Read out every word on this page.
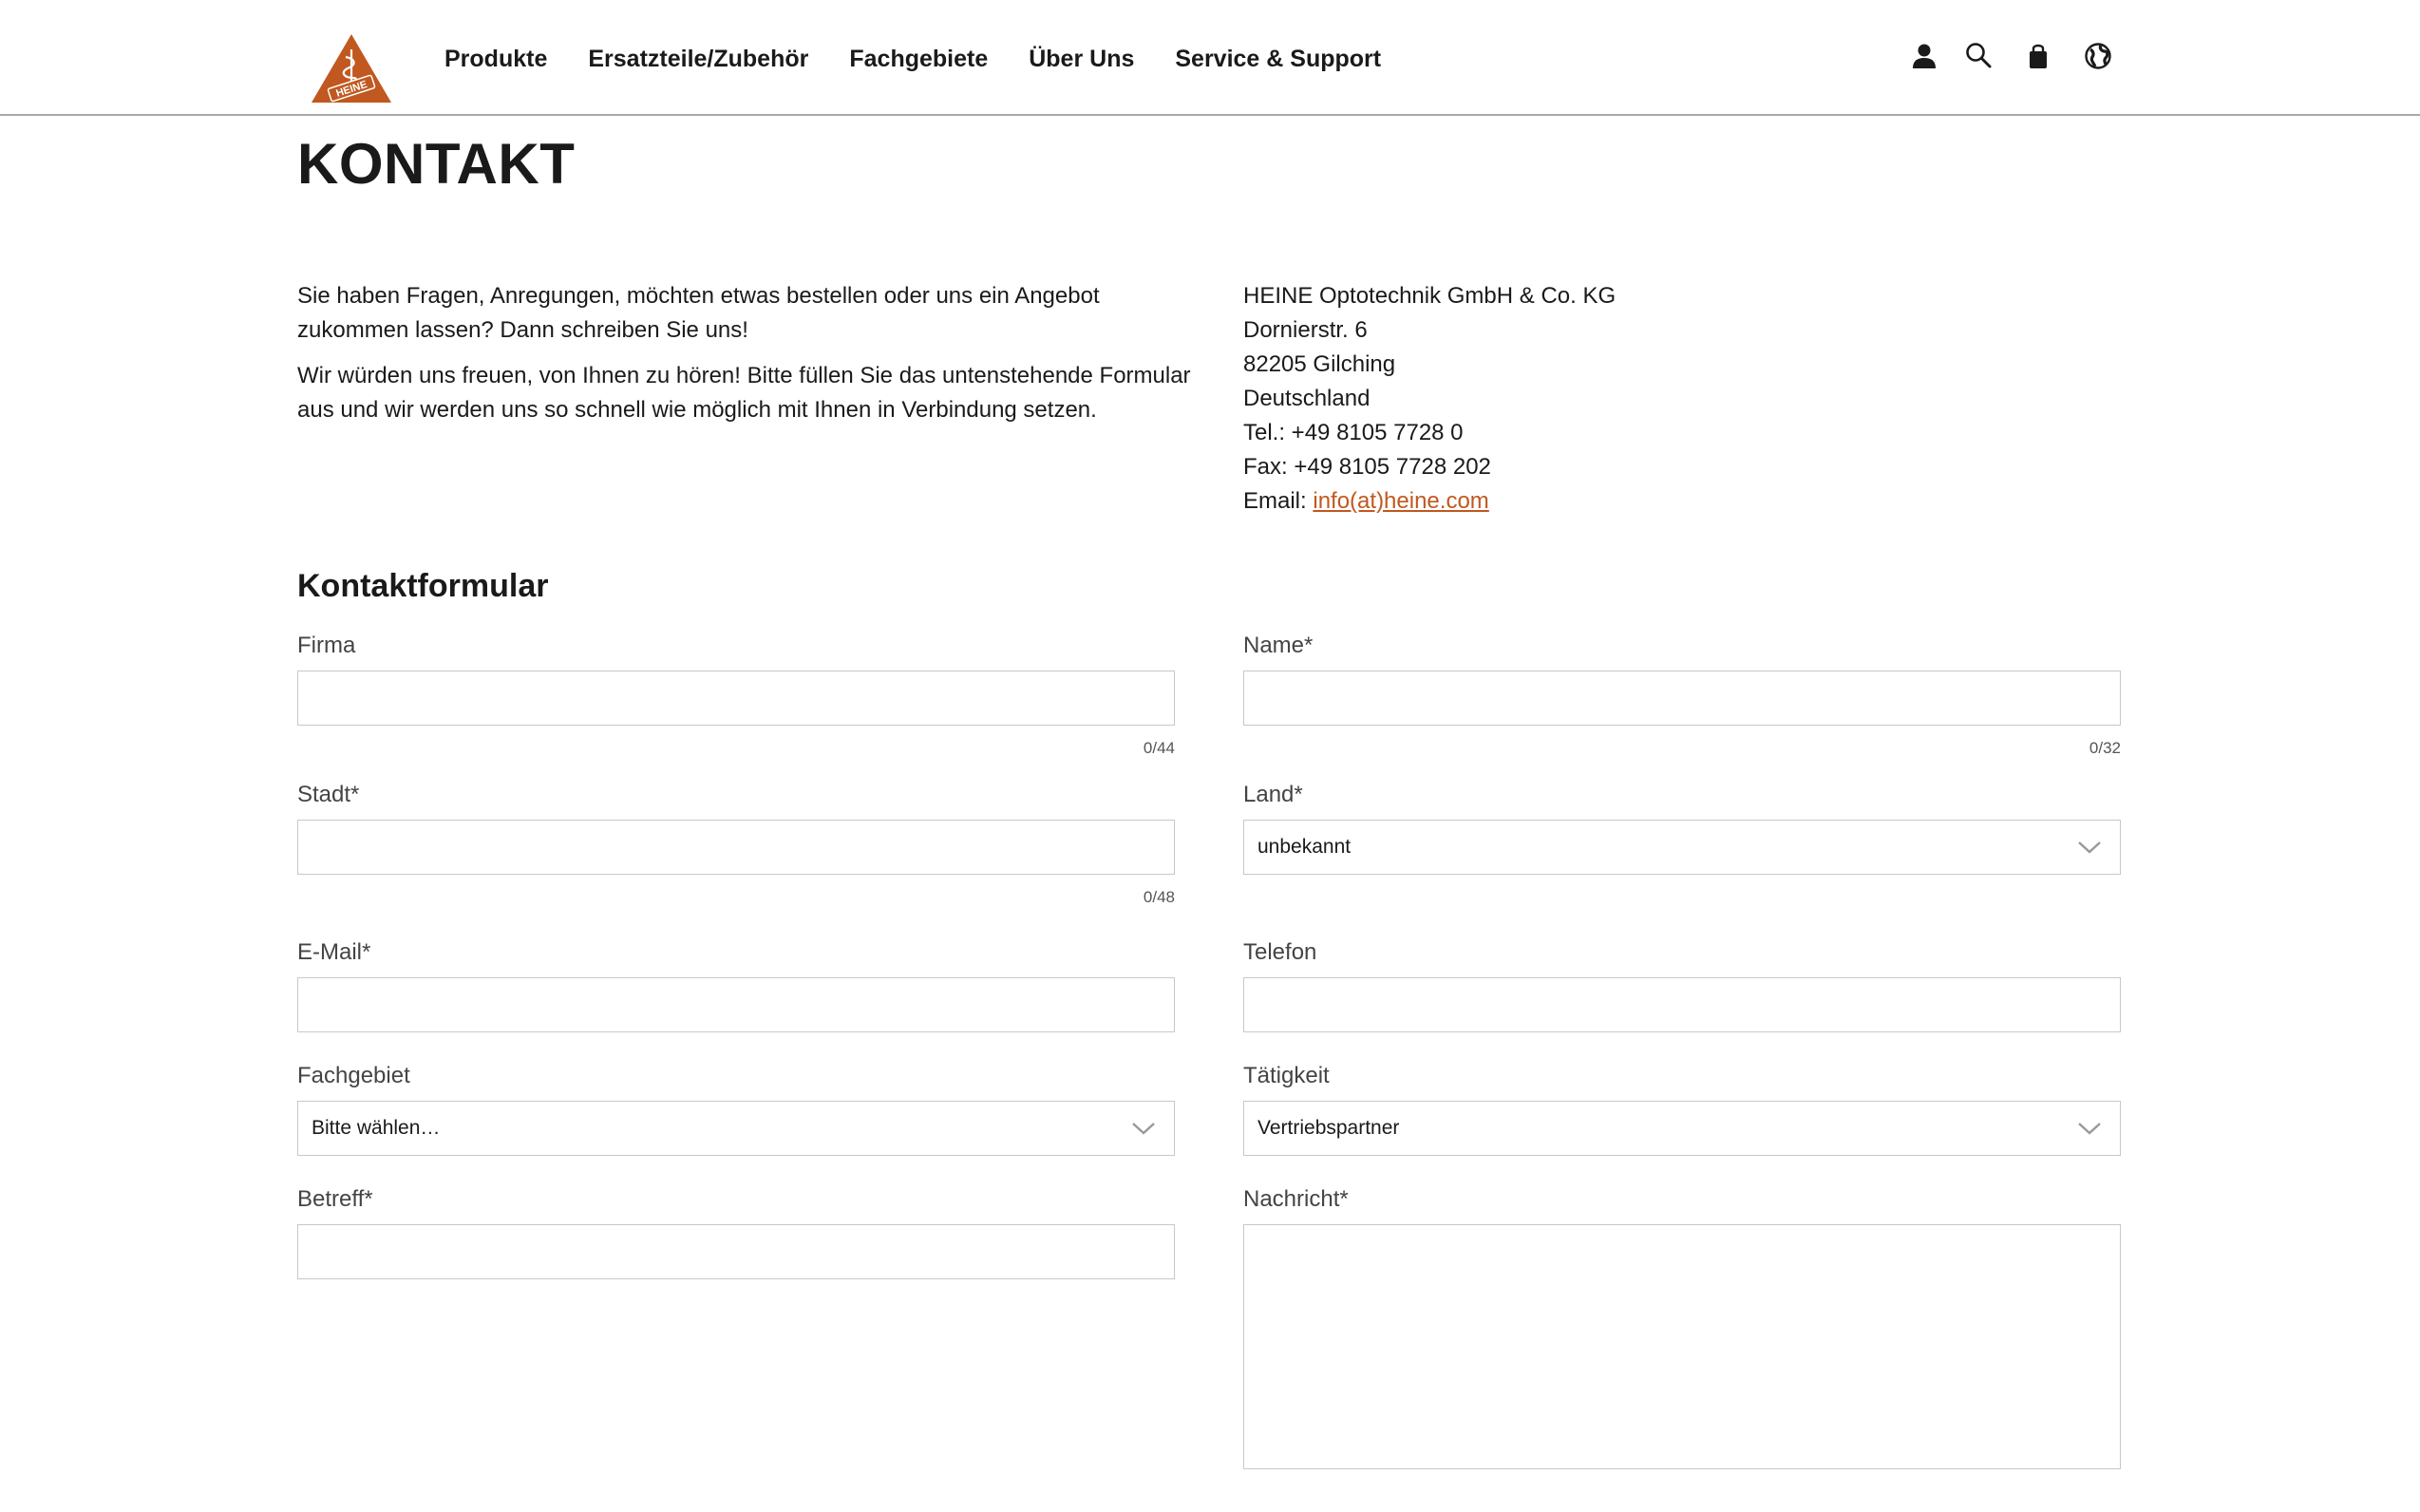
HEINE
Produkte Ersatzteile/Zubehör Fachgebiete Über Uns Service & Support
KONTAKT

Sie haben Fragen, Anregungen, möchten etwas bestellen oder uns ein Angebot zukommen lassen? Dann schreiben Sie uns!

Wir würden uns freuen, von Ihnen zu hören! Bitte füllen Sie das untenstehende Formular aus und wir werden uns so schnell wie möglich mit Ihnen in Verbindung setzen.

HEINE Optotechnik GmbH & Co. KG
Dornierstr. 6
82205 Gilching
Deutschland
Tel.: +49 8105 7728 0
Fax: +49 8105 7728 202
Email: info(at)heine.com
Kontaktformular
Firma
0/44
Name*
0/32
Stadt*
0/48
Land*
unbekannt
E-Mail*	Telefon
Fachgebiet
Bitte wählen…
Tätigkeit
Vertriebspartner
Betreff*	Nachricht*
